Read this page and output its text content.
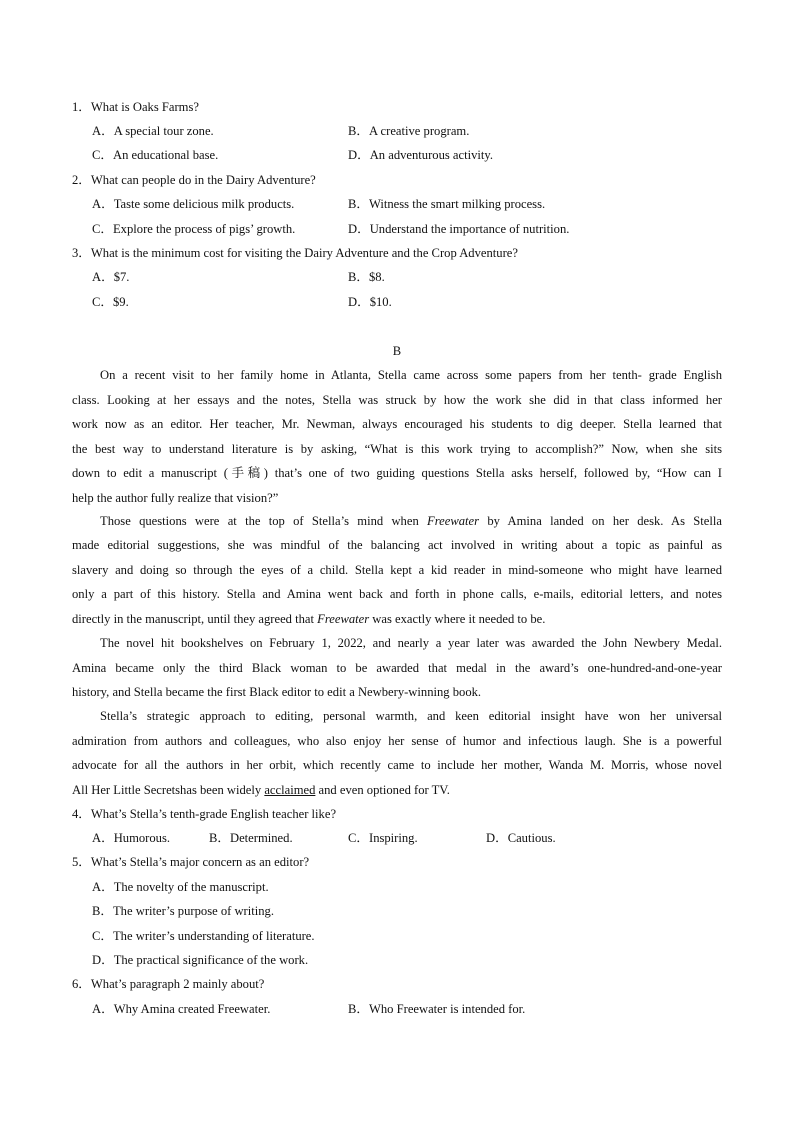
1．What is Oaks Farms?
A．A special tour zone.	B．A creative program.
C．An educational base.	D．An adventurous activity.
2．What can people do in the Dairy Adventure?
A．Taste some delicious milk products.	B．Witness the smart milking process.
C．Explore the process of pigs’ growth.	D．Understand the importance of nutrition.
3．What is the minimum cost for visiting the Dairy Adventure and the Crop Adventure?
A．$7.	B．$8.
C．$9.	D．$10.
B
On a recent visit to her family home in Atlanta, Stella came across some papers from her tenth- grade English
class. Looking at her essays and the notes, Stella was struck by how the work she did in that class informed her
work now as an editor. Her teacher, Mr. Newman, always encouraged his students to dig deeper. Stella learned that
the best way to understand literature is by asking, “What is this work trying to accomplish?” Now, when she sits
down to edit a manuscript (手稿) that’s one of two guiding questions Stella asks herself, followed by, “How can I
help the author fully realize that vision?”
Those questions were at the top of Stella’s mind when Freewater by Amina landed on her desk. As Stella
made editorial suggestions, she was mindful of the balancing act involved in writing about a topic as painful as
slavery and doing so through the eyes of a child. Stella kept a kid reader in mind-someone who might have learned
only a part of this history. Stella and Amina went back and forth in phone calls, e-mails, editorial letters, and notes
directly in the manuscript, until they agreed that Freewater was exactly where it needed to be.
The novel hit bookshelves on February 1, 2022, and nearly a year later was awarded the John Newbery Medal.
Amina became only the third Black woman to be awarded that medal in the award’s one-hundred-and-one-year
history, and Stella became the first Black editor to edit a Newbery-winning book.
Stella’s strategic approach to editing, personal warmth, and keen editorial insight have won her universal
admiration from authors and colleagues, who also enjoy her sense of humor and infectious laugh. She is a powerful
advocate for all the authors in her orbit, which recently came to include her mother, Wanda M. Morris, whose novel
All Her Little Secretshas been widely acclaimed and even optioned for TV.
4．What’s Stella’s tenth-grade English teacher like?
A．Humorous.	B．Determined.	C．Inspiring.	D．Cautious.
5．What’s Stella’s major concern as an editor?
A．The novelty of the manuscript.
B．The writer’s purpose of writing.
C．The writer’s understanding of literature.
D．The practical significance of the work.
6．What’s paragraph 2 mainly about?
A．Why Amina created Freewater.	B．Who Freewater is intended for.
